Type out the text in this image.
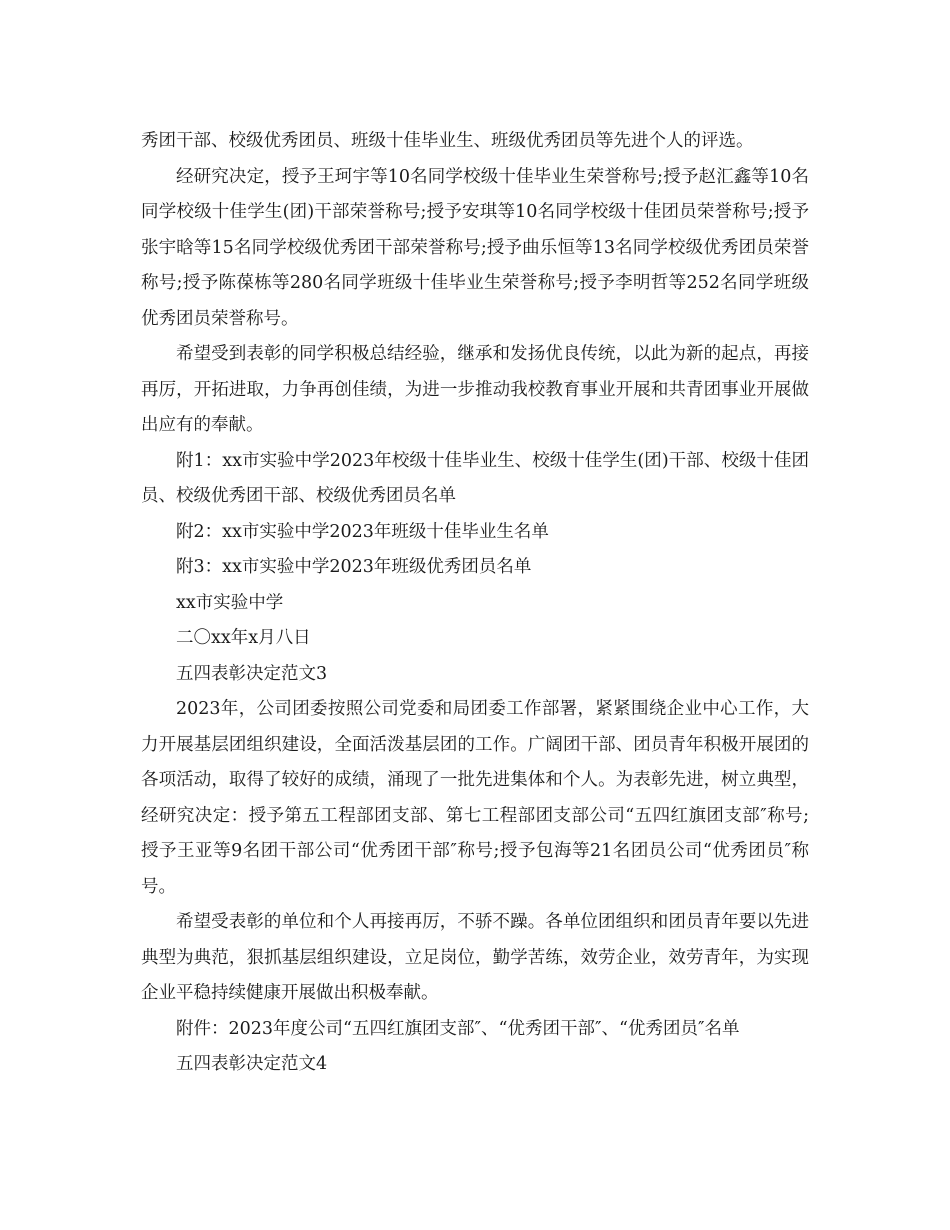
秀团干部、校级优秀团员、班级十佳毕业生、班级优秀团员等先进个人的评选。

经研究决定，授予王珂宇等10名同学校级十佳毕业生荣誉称号;授予赵汇鑫等10名同学校级十佳学生(团)干部荣誉称号;授予安琪等10名同学校级十佳团员荣誉称号;授予张宇晗等15名同学校级优秀团干部荣誉称号;授予曲乐恒等13名同学校级优秀团员荣誉称号;授予陈葆栋等280名同学班级十佳毕业生荣誉称号;授予李明哲等252名同学班级优秀团员荣誉称号。

希望受到表彰的同学积极总结经验，继承和发扬优良传统，以此为新的起点，再接再厉，开拓进取，力争再创佳绩，为进一步推动我校教育事业开展和共青团事业开展做出应有的奉献。

附1：xx市实验中学2023年校级十佳毕业生、校级十佳学生(团)干部、校级十佳团员、校级优秀团干部、校级优秀团员名单

附2：xx市实验中学2023年班级十佳毕业生名单

附3：xx市实验中学2023年班级优秀团员名单

xx市实验中学

二〇xx年x月八日

五四表彰决定范文3

2023年，公司团委按照公司党委和局团委工作部署，紧紧围绕企业中心工作，大力开展基层团组织建设，全面活泼基层团的工作。广阔团干部、团员青年积极开展团的各项活动，取得了较好的成绩，涌现了一批先进集体和个人。为表彰先进，树立典型，经研究决定：授予第五工程部团支部、第七工程部团支部公司“五四红旗团支部″称号;授予王亚等9名团干部公司“优秀团干部″称号;授予包海等21名团员公司“优秀团员″称号。

希望受表彰的单位和个人再接再厉，不骄不躁。各单位团组织和团员青年要以先进典型为典范，狠抓基层组织建设，立足岗位，勤学苦练，效劳企业，效劳青年，为实现企业平稳持续健康开展做出积极奉献。

附件：2023年度公司“五四红旗团支部″、“优秀团干部″、“优秀团员″名单

五四表彰决定范文4
